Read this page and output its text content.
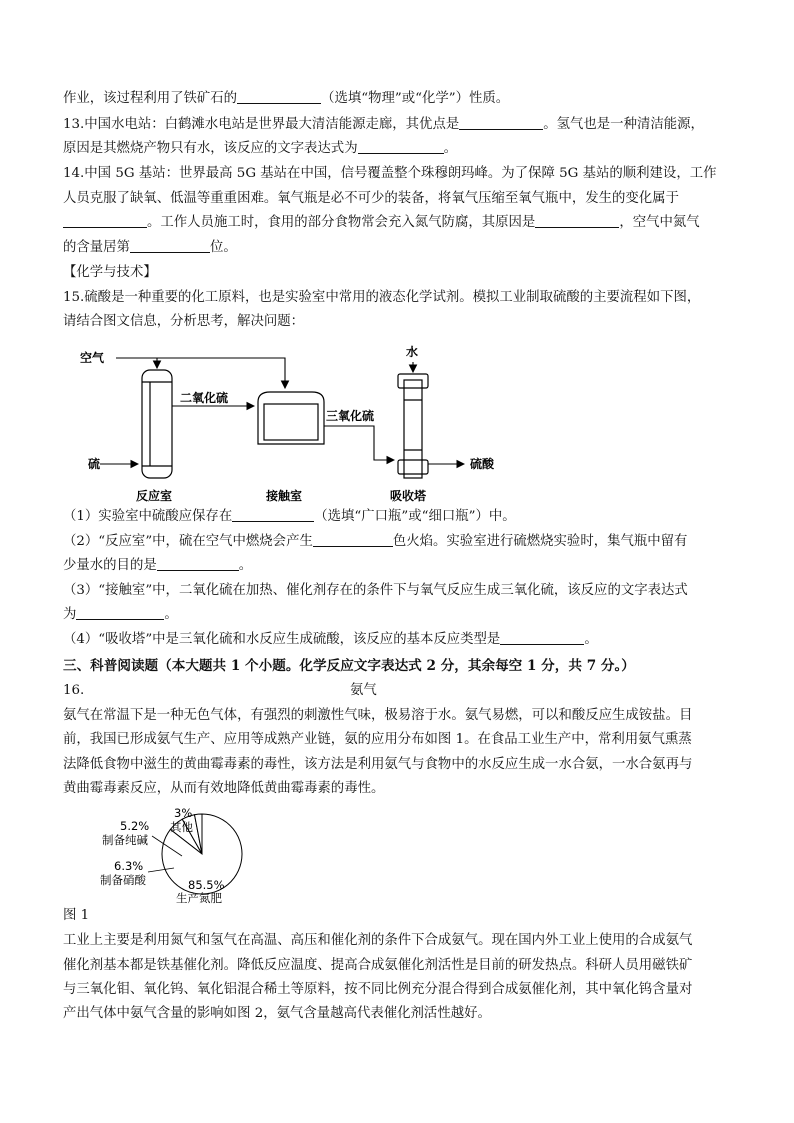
作业，该过程利用了铁矿石的	（选填“物理”或“化学”）性质。
13.中国水电站：白鹤滩水电站是世界最大清洁能源走廊，其优点是	。氢气也是一种清洁能源，
原因是其燃烧产物只有水，该反应的文字表达式为	。
14.中国 5G 基站：世界最高 5G 基站在中国，信号覆盖整个珠穆朗玛峰。为了保障 5G 基站的顺利建设，工作
人员克服了缺氧、低温等重重困难。氧气瓶是必不可少的装备，将氧气压缩至氧气瓶中，发生的变化属于
。工作人员施工时，食用的部分食物常会充入氮气防腐，其原因是	，空气中氮气
的含量居第	位。
【化学与技术】
15.硫酸是一种重要的化工原料，也是实验室中常用的液态化学试剂。模拟工业制取硫酸的主要流程如下图，
请结合图文信息，分析思考，解决问题：
空气
硫
二氧化硫
三氧化硫
水
硫酸
反应室	接触室	吸收塔
（1）实验室中硫酸应保存在	（选填“广口瓶”或“细口瓶”）中。
（2）“反应室”中，硫在空气中燃烧会产生	色火焰。实验室进行硫燃烧实验时，集气瓶中留有
少量水的目的是	。
（3）“接触室”中，二氧化硫在加热、催化剂存在的条件下与氧气反应生成三氧化硫，该反应的文字表达式
为	。
（4）“吸收塔”中是三氧化硫和水反应生成硫酸，该反应的基本反应类型是	。
三、科普阅读题（本大题共 1 个小题。化学反应文字表达式 2 分，其余每空 1 分，共 7 分。）
16.	氨气
氨气在常温下是一种无色气体，有强烈的刺激性气味，极易溶于水。氨气易燃，可以和酸反应生成铵盐。目
前，我国已形成氨气生产、应用等成熟产业链，氨的应用分布如图 1。在食品工业生产中，常利用氨气熏蒸
法降低食物中滋生的黄曲霉毒素的毒性，该方法是利用氨气与食物中的水反应生成一水合氨，一水合氨再与
黄曲霉毒素反应，从而有效地降低黄曲霉毒素的毒性。
3%
其他
5.2%
制备纯碱
6.3%
制备硝酸	85.5%
生产氮肥
图 1
工业上主要是利用氮气和氢气在高温、高压和催化剂的条件下合成氨气。现在国内外工业上使用的合成氨气
催化剂基本都是铁基催化剂。降低反应温度、提高合成氨催化剂活性是目前的研发热点。科研人员用磁铁矿
与三氧化钼、氧化钨、氧化铝混合稀土等原料，按不同比例充分混合得到合成氨催化剂，其中氧化钨含量对
产出气体中氨气含量的影响如图 2，氨气含量越高代表催化剂活性越好。
